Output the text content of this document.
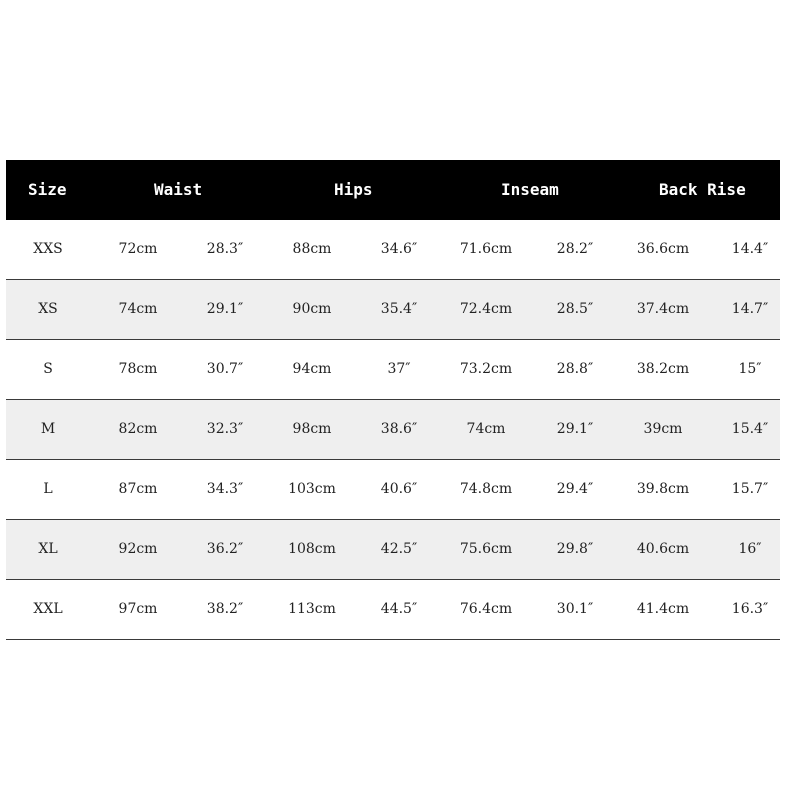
Size	Waist	Hips	Inseam	Back Rise
XXS	72cm	28.3″	88cm	34.6″	71.6cm	28.2″	36.6cm	14.4″
XS	74cm	29.1″	90cm	35.4″	72.4cm	28.5″	37.4cm	14.7″
S	78cm	30.7″	94cm	37″	73.2cm	28.8″	38.2cm	15″
M	82cm	32.3″	98cm	38.6″	74cm	29.1″	39cm	15.4″
L	87cm	34.3″	103cm	40.6″	74.8cm	29.4″	39.8cm	15.7″
XL	92cm	36.2″	108cm	42.5″	75.6cm	29.8″	40.6cm	16″
XXL	97cm	38.2″	113cm	44.5″	76.4cm	30.1″	41.4cm	16.3″
